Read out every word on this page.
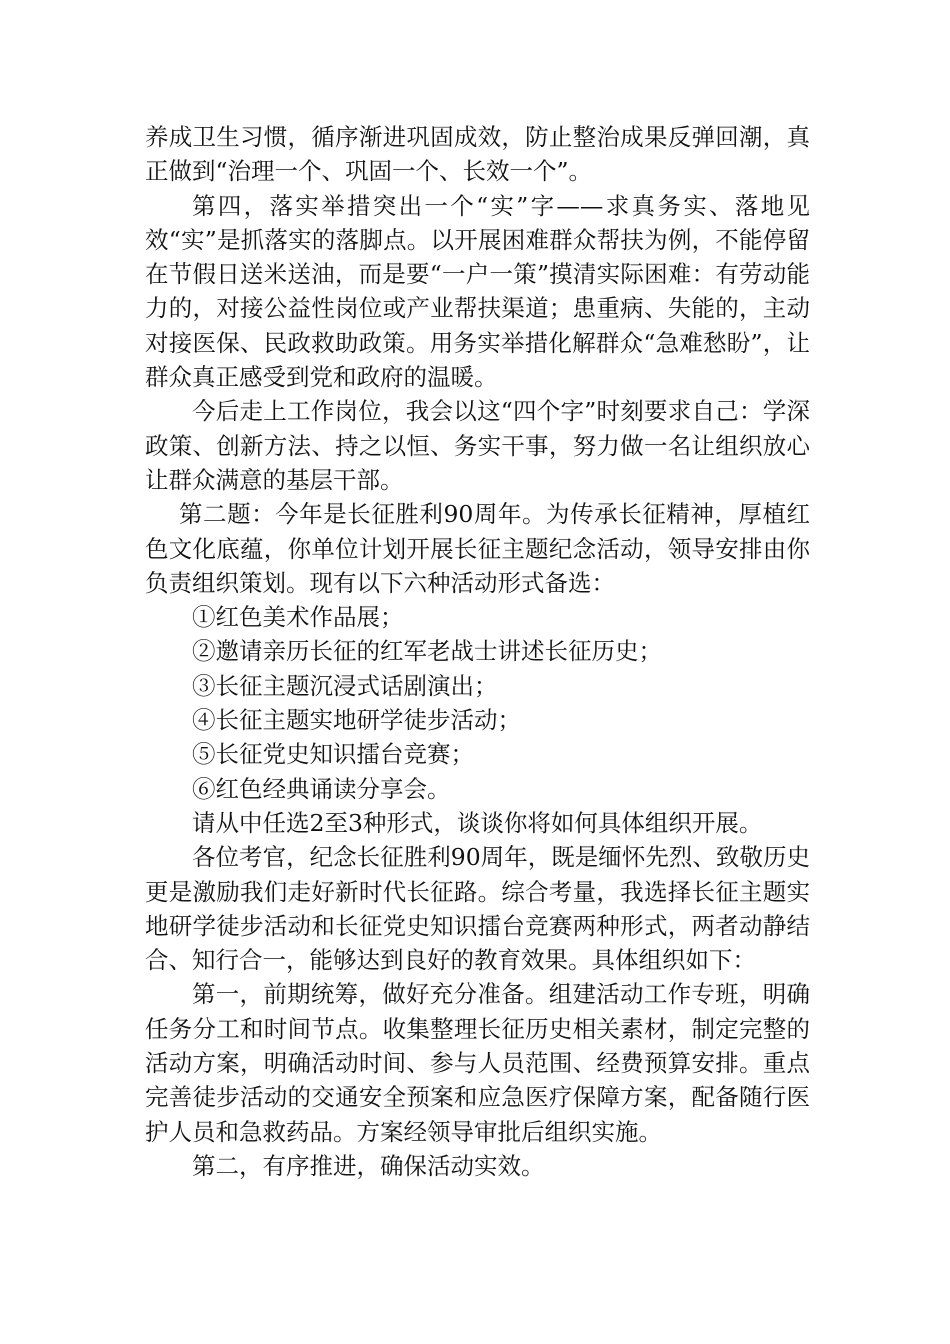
养成卫生习惯，循序渐进巩固成效，防止整治成果反弹回潮，真正做到“治理一个、巩固一个、长效一个”。

第四，落实举措突出一个“实”字——求真务实、落地见效“实”是抓落实的落脚点。以开展困难群众帮扶为例，不能停留在节假日送米送油，而是要“一户一策”摸清实际困难：有劳动能力的，对接公益性岗位或产业帮扶渠道；患重病、失能的，主动对接医保、民政救助政策。用务实举措化解群众“急难愁盼”，让群众真正感受到党和政府的温暖。

今后走上工作岗位，我会以这“四个字”时刻要求自己：学深政策、创新方法、持之以恒、务实干事，努力做一名让组织放心让群众满意的基层干部。

第二题：今年是长征胜利90周年。为传承长征精神，厚植红色文化底蕴，你单位计划开展长征主题纪念活动，领导安排由你负责组织策划。现有以下六种活动形式备选：

①红色美术作品展；

②邀请亲历长征的红军老战士讲述长征历史；

③长征主题沉浸式话剧演出；

④长征主题实地研学徒步活动；

⑤长征党史知识擂台竞赛；

⑥红色经典诵读分享会。

请从中任选2至3种形式，谈谈你将如何具体组织开展。

各位考官，纪念长征胜利90周年，既是缅怀先烈、致敬历史更是激励我们走好新时代长征路。综合考量，我选择长征主题实地研学徒步活动和长征党史知识擂台竞赛两种形式，两者动静结合、知行合一，能够达到良好的教育效果。具体组织如下：

第一，前期统筹，做好充分准备。组建活动工作专班，明确任务分工和时间节点。收集整理长征历史相关素材，制定完整的活动方案，明确活动时间、参与人员范围、经费预算安排。重点完善徒步活动的交通安全预案和应急医疗保障方案，配备随行医护人员和急救药品。方案经领导审批后组织实施。

第二，有序推进，确保活动实效。
